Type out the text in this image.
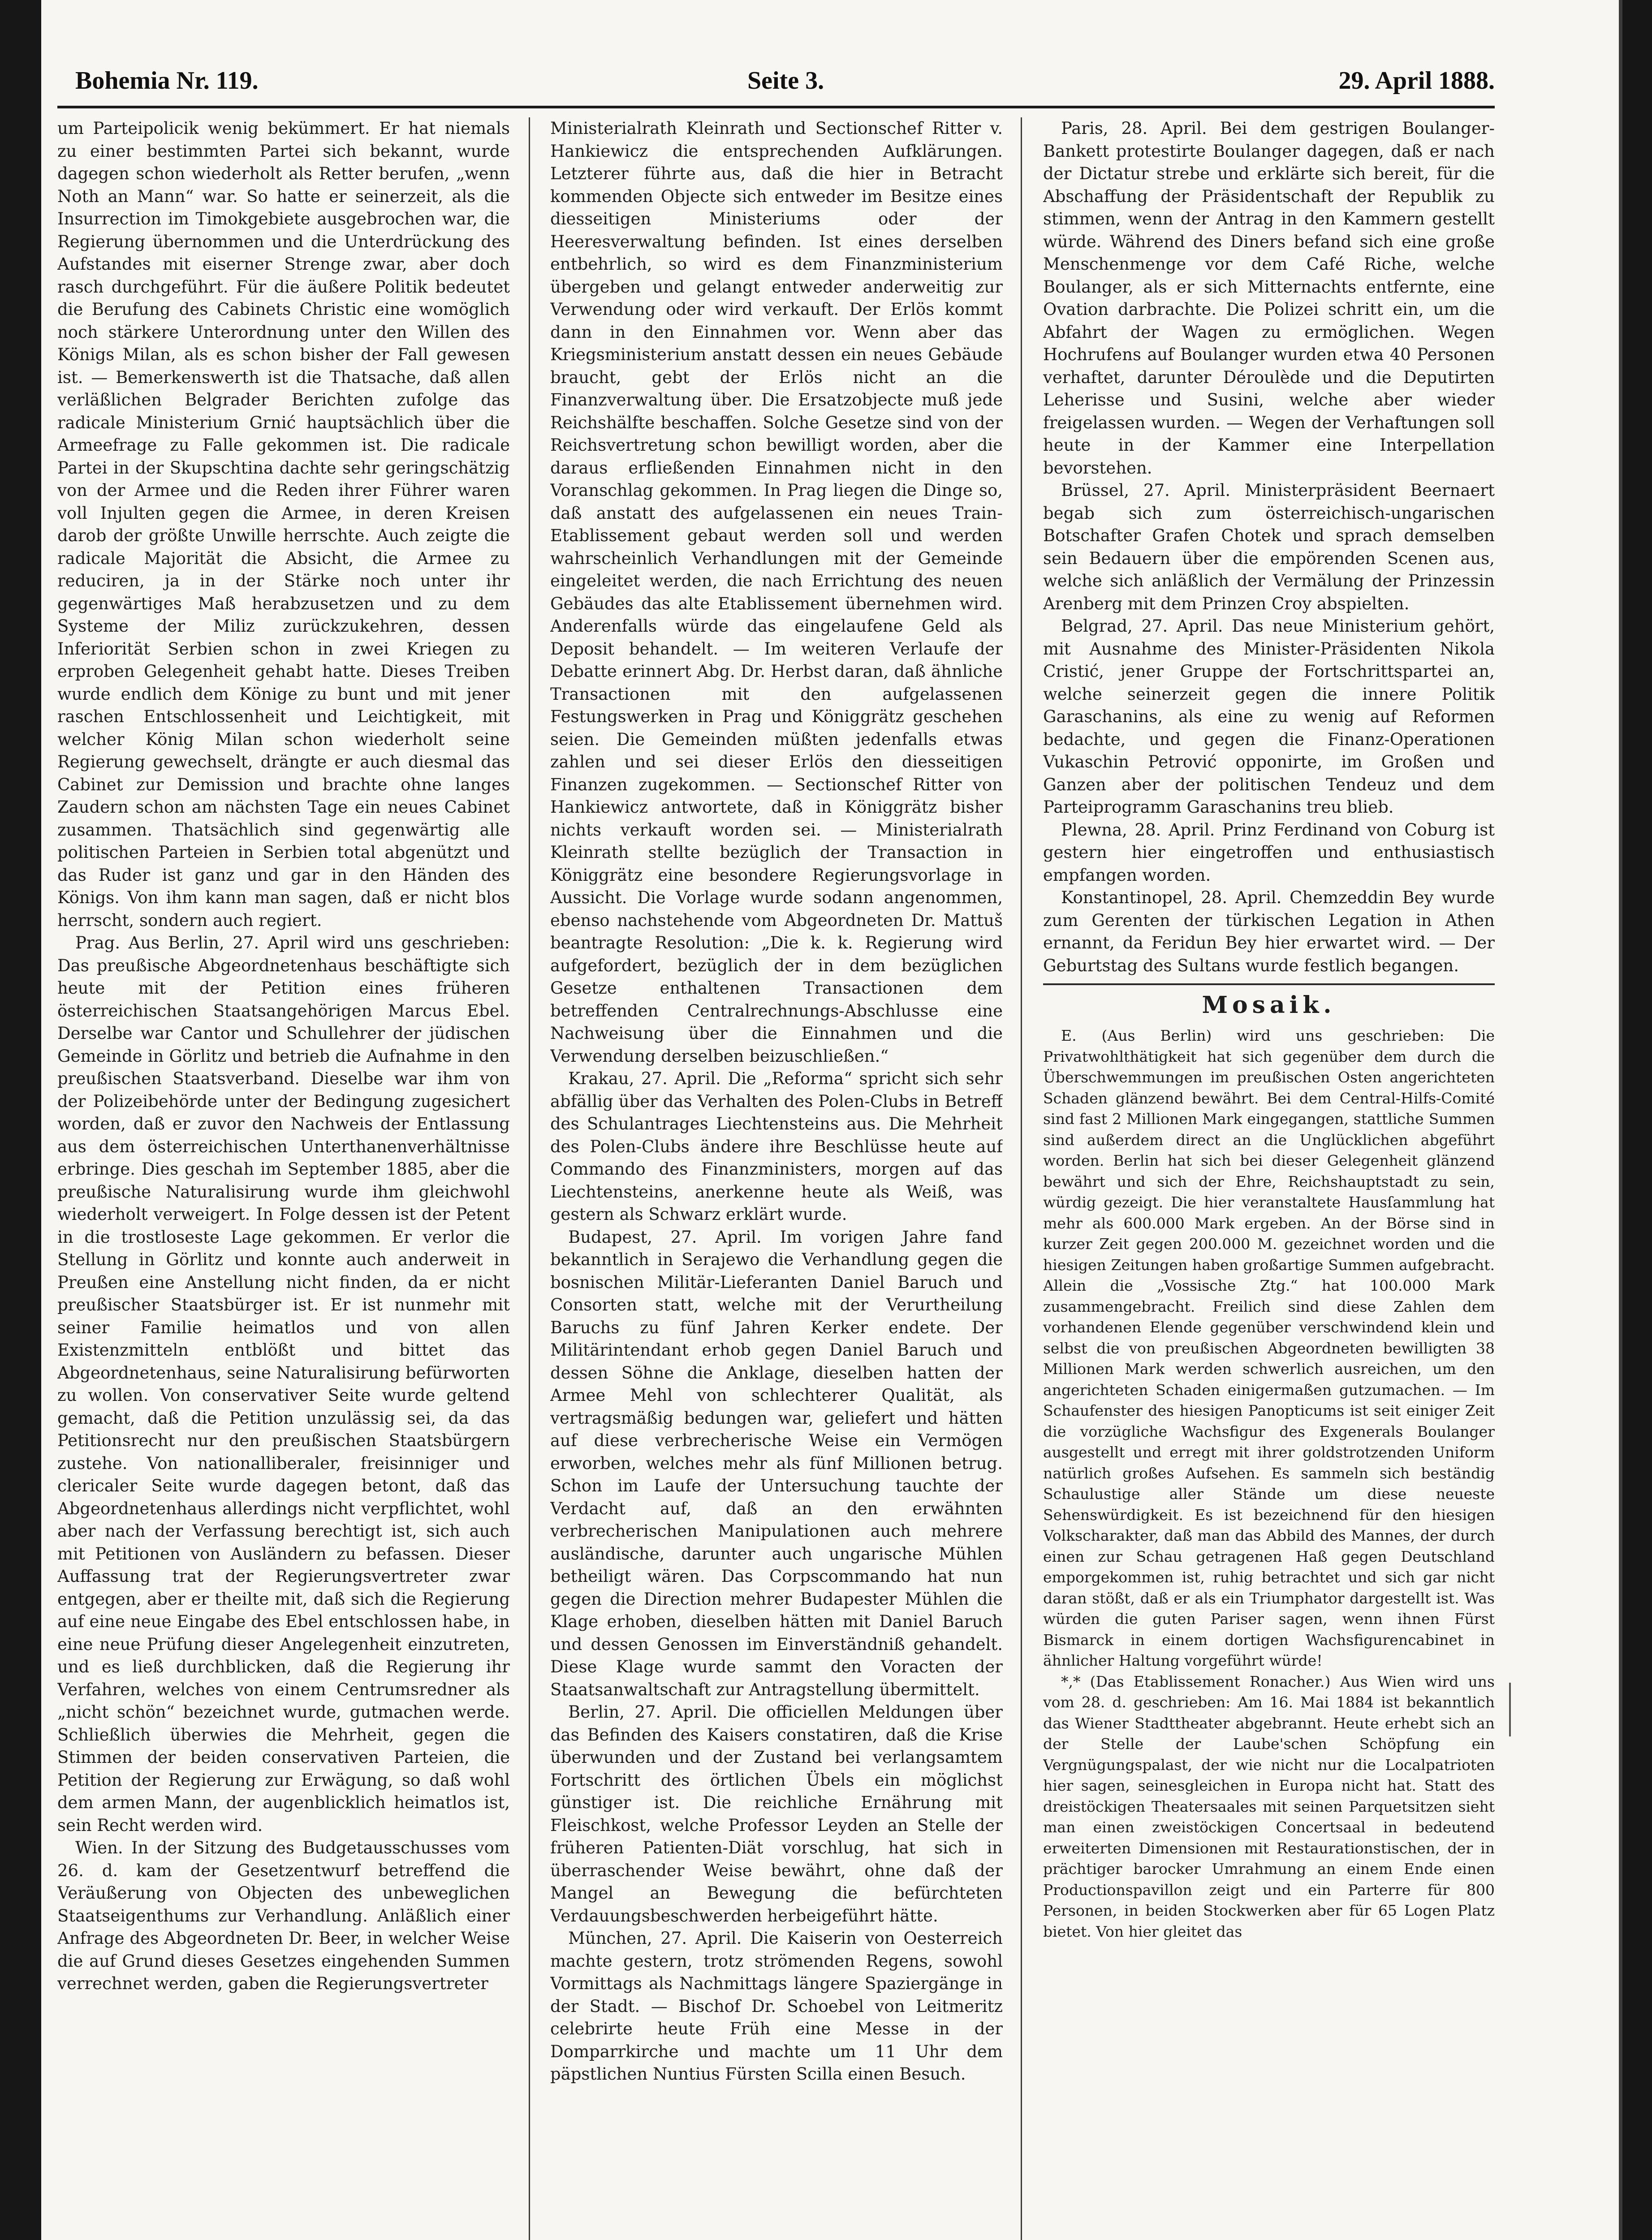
Bohemia Nr. 119.	Seite 3.	29. April 1888.

um Parteipolicik wenig bekümmert. Er hat niemals zu einer bestimmten Partei sich bekannt, wurde dagegen schon wiederholt als Retter berufen, „wenn Noth an Mann“ war. So hatte er seinerzeit, als die Insurrection im Timokgebiete ausgebrochen war, die Regierung übernommen und die Unterdrückung des Aufstandes mit eiserner Strenge zwar, aber doch rasch durchgeführt. Für die äußere Politik bedeutet die Berufung des Cabinets Christic eine womöglich noch stärkere Unterordnung unter den Willen des Königs Milan, als es schon bisher der Fall gewesen ist. — Bemerkenswerth ist die Thatsache, daß allen verläßlichen Belgrader Berichten zufolge das radicale Ministerium Grnić hauptsächlich über die Armeefrage zu Falle gekommen ist. Die radicale Partei in der Skupschtina dachte sehr geringschätzig von der Armee und die Reden ihrer Führer waren voll Injulten gegen die Armee, in deren Kreisen darob der größte Unwille herrschte. Auch zeigte die radicale Majorität die Absicht, die Armee zu reduciren, ja in der Stärke noch unter ihr gegenwärtiges Maß herabzusetzen und zu dem Systeme der Miliz zurückzukehren, dessen Inferiorität Serbien schon in zwei Kriegen zu erproben Gelegenheit gehabt hatte. Dieses Treiben wurde endlich dem Könige zu bunt und mit jener raschen Entschlossenheit und Leichtigkeit, mit welcher König Milan schon wiederholt seine Regierung gewechselt, drängte er auch diesmal das Cabinet zur Demission und brachte ohne langes Zaudern schon am nächsten Tage ein neues Cabinet zusammen. Thatsächlich sind gegenwärtig alle politischen Parteien in Serbien total abgenützt und das Ruder ist ganz und gar in den Händen des Königs. Von ihm kann man sagen, daß er nicht blos herrscht, sondern auch regiert.

Prag. Aus Berlin, 27. April wird uns geschrieben: Das preußische Abgeordnetenhaus beschäftigte sich heute mit der Petition eines früheren österreichischen Staatsangehörigen Marcus Ebel. Derselbe war Cantor und Schullehrer der jüdischen Gemeinde in Görlitz und betrieb die Aufnahme in den preußischen Staatsverband. Dieselbe war ihm von der Polizeibehörde unter der Bedingung zugesichert worden, daß er zuvor den Nachweis der Entlassung aus dem österreichischen Unterthanenverhältnisse erbringe. Dies geschah im September 1885, aber die preußische Naturalisirung wurde ihm gleichwohl wiederholt verweigert. In Folge dessen ist der Petent in die trostloseste Lage gekommen. Er verlor die Stellung in Görlitz und konnte auch anderweit in Preußen eine Anstellung nicht finden, da er nicht preußischer Staatsbürger ist. Er ist nunmehr mit seiner Familie heimatlos und von allen Existenzmitteln entblößt und bittet das Abgeordnetenhaus, seine Naturalisirung befürworten zu wollen. Von conservativer Seite wurde geltend gemacht, daß die Petition unzulässig sei, da das Petitionsrecht nur den preußischen Staatsbürgern zustehe. Von nationalliberaler, freisinniger und clericaler Seite wurde dagegen betont, daß das Abgeordnetenhaus allerdings nicht verpflichtet, wohl aber nach der Verfassung berechtigt ist, sich auch mit Petitionen von Ausländern zu befassen. Dieser Auffassung trat der Regierungsvertreter zwar entgegen, aber er theilte mit, daß sich die Regierung auf eine neue Eingabe des Ebel entschlossen habe, in eine neue Prüfung dieser Angelegenheit einzutreten, und es ließ durchblicken, daß die Regierung ihr Verfahren, welches von einem Centrumsredner als „nicht schön“ bezeichnet wurde, gutmachen werde. Schließlich überwies die Mehrheit, gegen die Stimmen der beiden conservativen Parteien, die Petition der Regierung zur Erwägung, so daß wohl dem armen Mann, der augenblicklich heimatlos ist, sein Recht werden wird.

Wien. In der Sitzung des Budgetausschusses vom 26. d. kam der Gesetzentwurf betreffend die Veräußerung von Objecten des unbeweglichen Staatseigenthums zur Verhandlung. Anläßlich einer Anfrage des Abgeordneten Dr. Beer, in welcher Weise die auf Grund dieses Gesetzes eingehenden Summen verrechnet werden, gaben die Regierungsvertreter

Ministerialrath Kleinrath und Sectionschef Ritter v. Hankiewicz die entsprechenden Aufklärungen. Letzterer führte aus, daß die hier in Betracht kommenden Objecte sich entweder im Besitze eines diesseitigen Ministeriums oder der Heeresverwaltung befinden. Ist eines derselben entbehrlich, so wird es dem Finanzministerium übergeben und gelangt entweder anderweitig zur Verwendung oder wird verkauft. Der Erlös kommt dann in den Einnahmen vor. Wenn aber das Kriegsministerium anstatt dessen ein neues Gebäude braucht, gebt der Erlös nicht an die Finanzverwaltung über. Die Ersatzobjecte muß jede Reichshälfte beschaffen. Solche Gesetze sind von der Reichsvertretung schon bewilligt worden, aber die daraus erfließenden Einnahmen nicht in den Voranschlag gekommen. In Prag liegen die Dinge so, daß anstatt des aufgelassenen ein neues Train-Etablissement gebaut werden soll und werden wahrscheinlich Verhandlungen mit der Gemeinde eingeleitet werden, die nach Errichtung des neuen Gebäudes das alte Etablissement übernehmen wird. Anderenfalls würde das eingelaufene Geld als Deposit behandelt. — Im weiteren Verlaufe der Debatte erinnert Abg. Dr. Herbst daran, daß ähnliche Transactionen mit den aufgelassenen Festungswerken in Prag und Königgrätz geschehen seien. Die Gemeinden müßten jedenfalls etwas zahlen und sei dieser Erlös den diesseitigen Finanzen zugekommen. — Sectionschef Ritter von Hankiewicz antwortete, daß in Königgrätz bisher nichts verkauft worden sei. — Ministerialrath Kleinrath stellte bezüglich der Transaction in Königgrätz eine besondere Regierungsvorlage in Aussicht. Die Vorlage wurde sodann angenommen, ebenso nachstehende vom Abgeordneten Dr. Mattuš beantragte Resolution: „Die k. k. Regierung wird aufgefordert, bezüglich der in dem bezüglichen Gesetze enthaltenen Transactionen dem betreffenden Centralrechnungs-Abschlusse eine Nachweisung über die Einnahmen und die Verwendung derselben beizuschließen.“

Krakau, 27. April. Die „Reforma“ spricht sich sehr abfällig über das Verhalten des Polen-Clubs in Betreff des Schulantrages Liechtensteins aus. Die Mehrheit des Polen-Clubs ändere ihre Beschlüsse heute auf Commando des Finanzministers, morgen auf das Liechtensteins, anerkenne heute als Weiß, was gestern als Schwarz erklärt wurde.

Budapest, 27. April. Im vorigen Jahre fand bekanntlich in Serajewo die Verhandlung gegen die bosnischen Militär-Lieferanten Daniel Baruch und Consorten statt, welche mit der Verurtheilung Baruchs zu fünf Jahren Kerker endete. Der Militärintendant erhob gegen Daniel Baruch und dessen Söhne die Anklage, dieselben hatten der Armee Mehl von schlechterer Qualität, als vertragsmäßig bedungen war, geliefert und hätten auf diese verbrecherische Weise ein Vermögen erworben, welches mehr als fünf Millionen betrug. Schon im Laufe der Untersuchung tauchte der Verdacht auf, daß an den erwähnten verbrecherischen Manipulationen auch mehrere ausländische, darunter auch ungarische Mühlen betheiligt wären. Das Corpscommando hat nun gegen die Direction mehrer Budapester Mühlen die Klage erhoben, dieselben hätten mit Daniel Baruch und dessen Genossen im Einverständniß gehandelt. Diese Klage wurde sammt den Voracten der Staatsanwaltschaft zur Antragstellung übermittelt.

Berlin, 27. April. Die officiellen Meldungen über das Befinden des Kaisers constatiren, daß die Krise überwunden und der Zustand bei verlangsamtem Fortschritt des örtlichen Übels ein möglichst günstiger ist. Die reichliche Ernährung mit Fleischkost, welche Professor Leyden an Stelle der früheren Patienten-Diät vorschlug, hat sich in überraschender Weise bewährt, ohne daß der Mangel an Bewegung die befürchteten Verdauungsbeschwerden herbeigeführt hätte.

München, 27. April. Die Kaiserin von Oesterreich machte gestern, trotz strömenden Regens, sowohl Vormittags als Nachmittags längere Spaziergänge in der Stadt. — Bischof Dr. Schoebel von Leitmeritz celebrirte heute Früh eine Messe in der Domparrkirche und machte um 11 Uhr dem päpstlichen Nuntius Fürsten Scilla einen Besuch.

Paris, 28. April. Bei dem gestrigen Boulanger-Bankett protestirte Boulanger dagegen, daß er nach der Dictatur strebe und erklärte sich bereit, für die Abschaffung der Präsidentschaft der Republik zu stimmen, wenn der Antrag in den Kammern gestellt würde. Während des Diners befand sich eine große Menschenmenge vor dem Café Riche, welche Boulanger, als er sich Mitternachts entfernte, eine Ovation darbrachte. Die Polizei schritt ein, um die Abfahrt der Wagen zu ermöglichen. Wegen Hochrufens auf Boulanger wurden etwa 40 Personen verhaftet, darunter Déroulède und die Deputirten Leherisse und Susini, welche aber wieder freigelassen wurden. — Wegen der Verhaftungen soll heute in der Kammer eine Interpellation bevorstehen.

Brüssel, 27. April. Ministerpräsident Beernaert begab sich zum österreichisch-ungarischen Botschafter Grafen Chotek und sprach demselben sein Bedauern über die empörenden Scenen aus, welche sich anläßlich der Vermälung der Prinzessin Arenberg mit dem Prinzen Croy abspielten.

Belgrad, 27. April. Das neue Ministerium gehört, mit Ausnahme des Minister-Präsidenten Nikola Cristić, jener Gruppe der Fortschrittspartei an, welche seinerzeit gegen die innere Politik Garaschanins, als eine zu wenig auf Reformen bedachte, und gegen die Finanz-Operationen Vukaschin Petrović opponirte, im Großen und Ganzen aber der politischen Tendeuz und dem Parteiprogramm Garaschanins treu blieb.

Plewna, 28. April. Prinz Ferdinand von Coburg ist gestern hier eingetroffen und enthusiastisch empfangen worden.

Konstantinopel, 28. April. Chemzeddin Bey wurde zum Gerenten der türkischen Legation in Athen ernannt, da Feridun Bey hier erwartet wird. — Der Geburtstag des Sultans wurde festlich begangen.

Mosaik.

E. (Aus Berlin) wird uns geschrieben: Die Privatwohlthätigkeit hat sich gegenüber dem durch die Überschwemmungen im preußischen Osten angerichteten Schaden glänzend bewährt. Bei dem Central-Hilfs-Comité sind fast 2 Millionen Mark eingegangen, stattliche Summen sind außerdem direct an die Unglücklichen abgeführt worden. Berlin hat sich bei dieser Gelegenheit glänzend bewährt und sich der Ehre, Reichshauptstadt zu sein, würdig gezeigt. Die hier veranstaltete Hausſammlung hat mehr als 600.000 Mark ergeben. An der Börse sind in kurzer Zeit gegen 200.000 M. gezeichnet worden und die hiesigen Zeitungen haben großartige Summen aufgebracht. Allein die „Vossische Ztg.“ hat 100.000 Mark zusammengebracht. Freilich sind diese Zahlen dem vorhandenen Elende gegenüber verschwindend klein und selbst die von preußischen Abgeordneten bewilligten 38 Millionen Mark werden schwerlich ausreichen, um den angerichteten Schaden einigermaßen gutzumachen. — Im Schaufenster des hiesigen Panopticums ist seit einiger Zeit die vorzügliche Wachsfigur des Exgenerals Boulanger ausgestellt und erregt mit ihrer goldstrotzenden Uniform natürlich großes Aufsehen. Es sammeln sich beständig Schaulustige aller Stände um diese neueste Sehenswürdigkeit. Es ist bezeichnend für den hiesigen Volkscharakter, daß man das Abbild des Mannes, der durch einen zur Schau getragenen Haß gegen Deutschland emporgekommen ist, ruhig betrachtet und sich gar nicht daran stößt, daß er als ein Triumphator dargestellt ist. Was würden die guten Pariser sagen, wenn ihnen Fürst Bismarck in einem dortigen Wachsfigurencabinet in ähnlicher Haltung vorgeführt würde!

*,* (Das Etablissement Ronacher.) Aus Wien wird uns vom 28. d. geschrieben: Am 16. Mai 1884 ist bekanntlich das Wiener Stadttheater abgebrannt. Heute erhebt sich an der Stelle der Laube'schen Schöpfung ein Vergnügungspalast, der wie nicht nur die Localpatrioten hier sagen, seinesgleichen in Europa nicht hat. Statt des dreistöckigen Theatersaales mit seinen Parquetsitzen sieht man einen zweistöckigen Concertsaal in bedeutend erweiterten Dimensionen mit Restaurationstischen, der in prächtiger barocker Umrahmung an einem Ende einen Productionspavillon zeigt und ein Parterre für 800 Personen, in beiden Stockwerken aber für 65 Logen Platz bietet. Von hier gleitet das
